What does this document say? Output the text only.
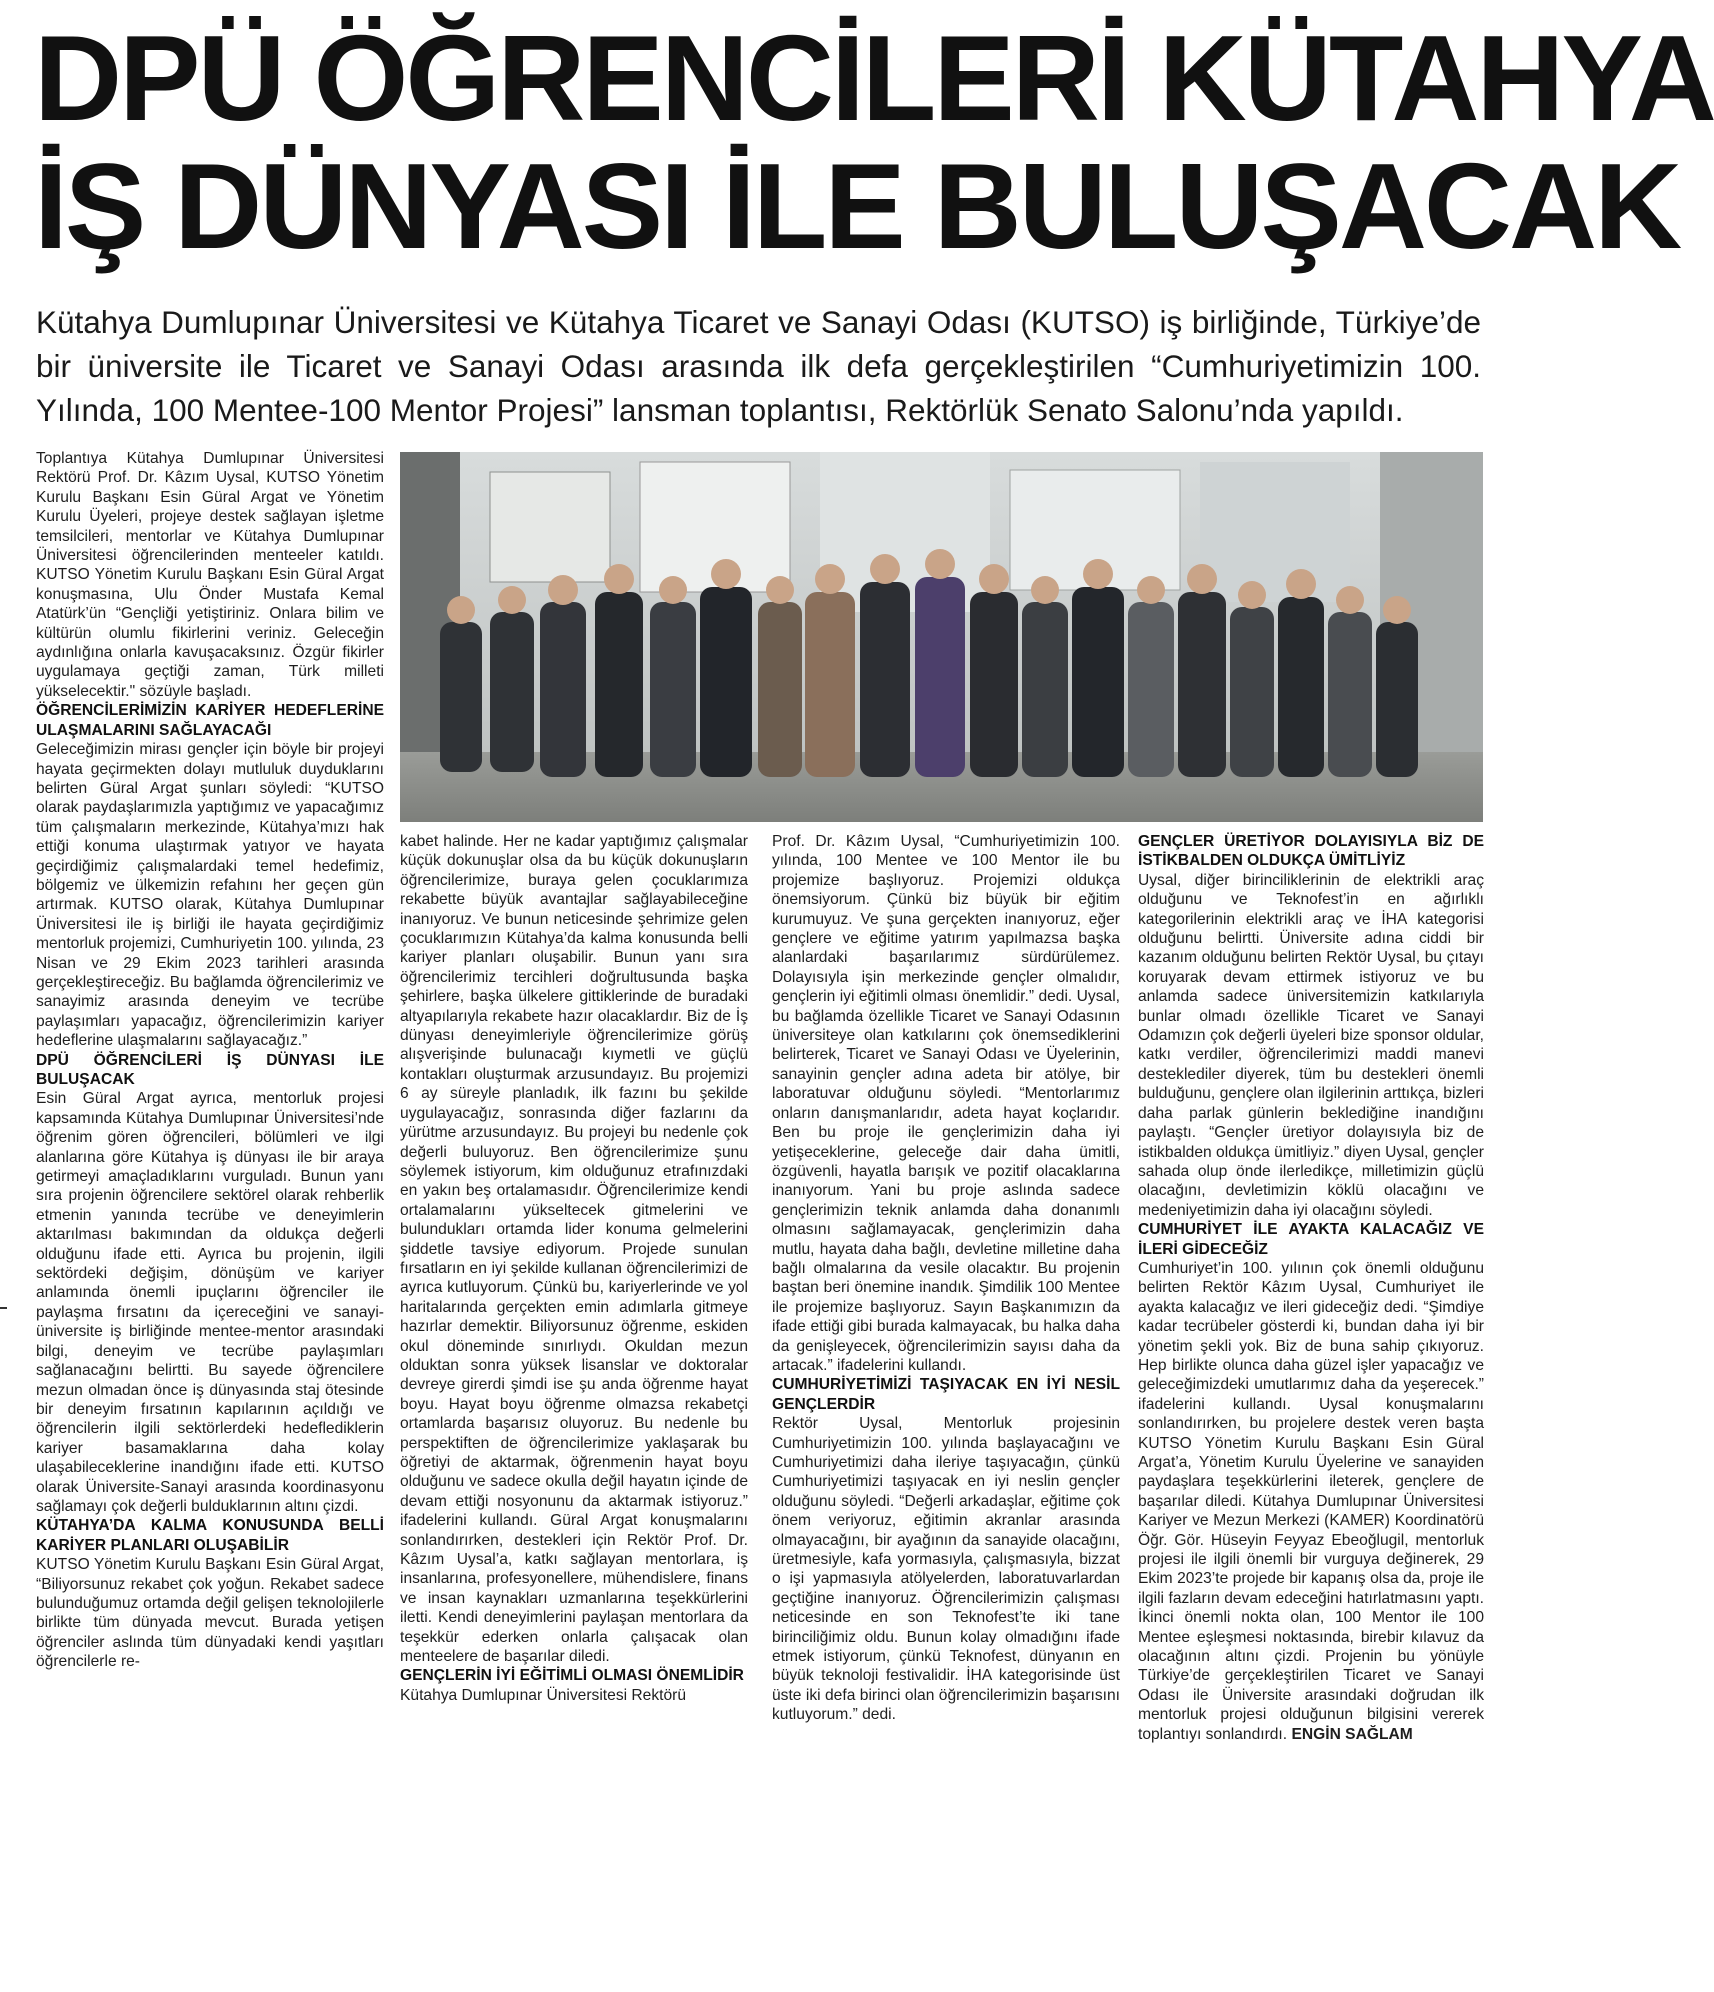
DPÜ ÖĞRENCİLERİ KÜTAHYA
İŞ DÜNYASI İLE BULUŞACAK

Kütahya Dumlupınar Üniversitesi ve Kütahya Ticaret ve Sanayi Odası (KUTSO) iş birliğinde, Türkiye’de bir üniversite ile Ticaret ve Sanayi Odası arasında ilk defa gerçekleştirilen “Cumhuriyetimizin 100. Yılında, 100 Mentee-100 Mentor Projesi” lansman toplantısı, Rektörlük Senato Salonu’nda yapıldı.

Toplantıya Kütahya Dumlupınar Üniversitesi Rektörü Prof. Dr. Kâzım Uysal, KUTSO Yönetim Kurulu Başkanı Esin Güral Argat ve Yönetim Kurulu Üyeleri, projeye destek sağlayan işletme temsilcileri, mentorlar ve Kütahya Dumlupınar Üniversitesi öğrencilerinden menteeler katıldı. KUTSO Yönetim Kurulu Başkanı Esin Güral Argat konuşmasına, Ulu Önder Mustafa Kemal Atatürk’ün “Gençliği yetiştiriniz. Onlara bilim ve kültürün olumlu fikirlerini veriniz. Geleceğin aydınlığına onlarla kavuşacaksınız. Özgür fikirler uygulamaya geçtiği zaman, Türk milleti yükselecektir." sözüyle başladı.

ÖĞRENCİLERİMİZİN KARİYER HEDEFLERİNE ULAŞMALARINI SAĞLAYACAĞI

Geleceğimizin mirası gençler için böyle bir projeyi hayata geçirmekten dolayı mutluluk duyduklarını belirten Güral Argat şunları söyledi: “KUTSO olarak paydaşlarımızla yaptığımız ve yapacağımız tüm çalışmaların merkezinde, Kütahya’mızı hak ettiği konuma ulaştırmak yatıyor ve hayata geçirdiğimiz çalışmalardaki temel hedefimiz, bölgemiz ve ülkemizin refahını her geçen gün artırmak. KUTSO olarak, Kütahya Dumlupınar Üniversitesi ile iş birliği ile hayata geçirdiğimiz mentorluk projemizi, Cumhuriyetin 100. yılında, 23 Nisan ve 29 Ekim 2023 tarihleri arasında gerçekleştireceğiz. Bu bağlamda öğrencilerimiz ve sanayimiz arasında deneyim ve tecrübe paylaşımları yapacağız, öğrencilerimizin kariyer hedeflerine ulaşmalarını sağlayacağız.”

DPÜ ÖĞRENCİLERİ İŞ DÜNYASI İLE BULUŞACAK

Esin Güral Argat ayrıca, mentorluk projesi kapsamında Kütahya Dumlupınar Üniversitesi’nde öğrenim gören öğrencileri, bölümleri ve ilgi alanlarına göre Kütahya iş dünyası ile bir araya getirmeyi amaçladıklarını vurguladı. Bunun yanı sıra projenin öğrencilere sektörel olarak rehberlik etmenin yanında tecrübe ve deneyimlerin aktarılması bakımından da oldukça değerli olduğunu ifade etti. Ayrıca bu projenin, ilgili sektördeki değişim, dönüşüm ve kariyer anlamında önemli ipuçlarını öğrenciler ile paylaşma fırsatını da içereceğini ve sanayi-üniversite iş birliğinde mentee-mentor arasındaki bilgi, deneyim ve tecrübe paylaşımları sağlanacağını belirtti. Bu sayede öğrencilere mezun olmadan önce iş dünyasında staj ötesinde bir deneyim fırsatının kapılarının açıldığı ve öğrencilerin ilgili sektörlerdeki hedeflediklerin kariyer basamaklarına daha kolay ulaşabileceklerine inandığını ifade etti. KUTSO olarak Üniversite-Sanayi arasında koordinasyonu sağlamayı çok değerli bulduklarının altını çizdi.

KÜTAHYA’DA KALMA KONUSUNDA BELLİ KARİYER PLANLARI OLUŞABİLİR

KUTSO Yönetim Kurulu Başkanı Esin Güral Argat, “Biliyorsunuz rekabet çok yoğun. Rekabet sadece bulunduğumuz ortamda değil gelişen teknolojilerle birlikte tüm dünyada mevcut. Burada yetişen öğrenciler aslında tüm dünyadaki kendi yaşıtları öğrencilerle re-

kabet halinde. Her ne kadar yaptığımız çalışmalar küçük dokunuşlar olsa da bu küçük dokunuşların öğrencilerimize, buraya gelen çocuklarımıza rekabette büyük avantajlar sağlayabileceğine inanıyoruz. Ve bunun neticesinde şehrimize gelen çocuklarımızın Kütahya’da kalma konusunda belli kariyer planları oluşabilir. Bunun yanı sıra öğrencilerimiz tercihleri doğrultusunda başka şehirlere, başka ülkelere gittiklerinde de buradaki altyapılarıyla rekabete hazır olacaklardır. Biz de İş dünyası deneyimleriyle öğrencilerimize görüş alışverişinde bulunacağı kıymetli ve güçlü kontakları oluşturmak arzusundayız. Bu projemizi 6 ay süreyle planladık, ilk fazını bu şekilde uygulayacağız, sonrasında diğer fazlarını da yürütme arzusundayız. Bu projeyi bu nedenle çok değerli buluyoruz. Ben öğrencilerimize şunu söylemek istiyorum, kim olduğunuz etrafınızdaki en yakın beş ortalamasıdır. Öğrencilerimize kendi ortalamalarını yükseltecek gitmelerini ve bulundukları ortamda lider konuma gelmelerini şiddetle tavsiye ediyorum. Projede sunulan fırsatların en iyi şekilde kullanan öğrencilerimizi de ayrıca kutluyorum. Çünkü bu, kariyerlerinde ve yol haritalarında gerçekten emin adımlarla gitmeye hazırlar demektir. Biliyorsunuz öğrenme, eskiden okul döneminde sınırlıydı. Okuldan mezun olduktan sonra yüksek lisanslar ve doktoralar devreye girerdi şimdi ise şu anda öğrenme hayat boyu. Hayat boyu öğrenme olmazsa rekabetçi ortamlarda başarısız oluyoruz. Bu nedenle bu perspektiften de öğrencilerimize yaklaşarak bu öğretiyi de aktarmak, öğrenmenin hayat boyu olduğunu ve sadece okulla değil hayatın içinde de devam ettiği nosyonunu da aktarmak istiyoruz.” ifadelerini kullandı. Güral Argat konuşmalarını sonlandırırken, destekleri için Rektör Prof. Dr. Kâzım Uysal’a, katkı sağlayan mentorlara, iş insanlarına, profesyonellere, mühendislere, finans ve insan kaynakları uzmanlarına teşekkürlerini iletti. Kendi deneyimlerini paylaşan mentorlara da teşekkür ederken onlarla çalışacak olan menteelere de başarılar diledi.

GENÇLERİN İYİ EĞİTİMLİ OLMASI ÖNEMLİDİR

Kütahya Dumlupınar Üniversitesi Rektörü

Prof. Dr. Kâzım Uysal, “Cumhuriyetimizin 100. yılında, 100 Mentee ve 100 Mentor ile bu projemize başlıyoruz. Projemizi oldukça önemsiyorum. Çünkü biz büyük bir eğitim kurumuyuz. Ve şuna gerçekten inanıyoruz, eğer gençlere ve eğitime yatırım yapılmazsa başka alanlardaki başarılarımız sürdürülemez. Dolayısıyla işin merkezinde gençler olmalıdır, gençlerin iyi eğitimli olması önemlidir.” dedi. Uysal, bu bağlamda özellikle Ticaret ve Sanayi Odasının üniversiteye olan katkılarını çok önemsediklerini belirterek, Ticaret ve Sanayi Odası ve Üyelerinin, sanayinin gençler adına adeta bir atölye, bir laboratuvar olduğunu söyledi. “Mentorlarımız onların danışmanlarıdır, adeta hayat koçlarıdır. Ben bu proje ile gençlerimizin daha iyi yetişeceklerine, geleceğe dair daha ümitli, özgüvenli, hayatla barışık ve pozitif olacaklarına inanıyorum. Yani bu proje aslında sadece gençlerimizin teknik anlamda daha donanımlı olmasını sağlamayacak, gençlerimizin daha mutlu, hayata daha bağlı, devletine milletine daha bağlı olmalarına da vesile olacaktır. Bu projenin baştan beri önemine inandık. Şimdilik 100 Mentee ile projemize başlıyoruz. Sayın Başkanımızın da ifade ettiği gibi burada kalmayacak, bu halka daha da genişleyecek, öğrencilerimizin sayısı daha da artacak.” ifadelerini kullandı.

CUMHURİYETİMİZİ TAŞIYACAK EN İYİ NESİL GENÇLERDİR

Rektör Uysal, Mentorluk projesinin Cumhuriyetimizin 100. yılında başlayacağını ve Cumhuriyetimizi daha ileriye taşıyacağın, çünkü Cumhuriyetimizi taşıyacak en iyi neslin gençler olduğunu söyledi. “Değerli arkadaşlar, eğitime çok önem veriyoruz, eğitimin akranlar arasında olmayacağını, bir ayağının da sanayide olacağını, üretmesiyle, kafa yormasıyla, çalışmasıyla, bizzat o işi yapmasıyla atölyelerden, laboratuvarlardan geçtiğine inanıyoruz. Öğrencilerimizin çalışması neticesinde en son Teknofest’te iki tane birinciliğimiz oldu. Bunun kolay olmadığını ifade etmek istiyorum, çünkü Teknofest, dünyanın en büyük teknoloji festivalidir. İHA kategorisinde üst üste iki defa birinci olan öğrencilerimizin başarısını kutluyorum.” dedi.

GENÇLER ÜRETİYOR DOLAYISIYLA BİZ DE İSTİKBALDEN OLDUKÇA ÜMİTLİYİZ

Uysal, diğer birinciliklerinin de elektrikli araç olduğunu ve Teknofest’in en ağırlıklı kategorilerinin elektrikli araç ve İHA kategorisi olduğunu belirtti. Üniversite adına ciddi bir kazanım olduğunu belirten Rektör Uysal, bu çıtayı koruyarak devam ettirmek istiyoruz ve bu anlamda sadece üniversitemizin katkılarıyla bunlar olmadı özellikle Ticaret ve Sanayi Odamızın çok değerli üyeleri bize sponsor oldular, katkı verdiler, öğrencilerimizi maddi manevi desteklediler diyerek, tüm bu destekleri önemli bulduğunu, gençlere olan ilgilerinin arttıkça, bizleri daha parlak günlerin beklediğine inandığını paylaştı. “Gençler üretiyor dolayısıyla biz de istikbalden oldukça ümitliyiz.” diyen Uysal, gençler sahada olup önde ilerledikçe, milletimizin güçlü olacağını, devletimizin köklü olacağını ve medeniyetimizin daha iyi olacağını söyledi.

CUMHURİYET İLE AYAKTA KALACAĞIZ VE İLERİ GİDECEĞİZ

Cumhuriyet’in 100. yılının çok önemli olduğunu belirten Rektör Kâzım Uysal, Cumhuriyet ile ayakta kalacağız ve ileri gideceğiz dedi. “Şimdiye kadar tecrübeler gösterdi ki, bundan daha iyi bir yönetim şekli yok. Biz de buna sahip çıkıyoruz. Hep birlikte olunca daha güzel işler yapacağız ve geleceğimizdeki umutlarımız daha da yeşerecek.” ifadelerini kullandı. Uysal konuşmalarını sonlandırırken, bu projelere destek veren başta KUTSO Yönetim Kurulu Başkanı Esin Güral Argat’a, Yönetim Kurulu Üyelerine ve sanayiden paydaşlara teşekkürlerini ileterek, gençlere de başarılar diledi. Kütahya Dumlupınar Üniversitesi Kariyer ve Mezun Merkezi (KAMER) Koordinatörü Öğr. Gör. Hüseyin Feyyaz Ebeoğlugil, mentorluk projesi ile ilgili önemli bir vurguya değinerek, 29 Ekim 2023’te projede bir kapanış olsa da, proje ile ilgili fazların devam edeceğini hatırlatmasını yaptı. İkinci önemli nokta olan, 100 Mentor ile 100 Mentee eşleşmesi noktasında, birebir kılavuz da olacağının altını çizdi. Projenin bu yönüyle Türkiye’de gerçekleştirilen Ticaret ve Sanayi Odası ile Üniversite arasındaki doğrudan ilk mentorluk projesi olduğunun bilgisini vererek toplantıyı sonlandırdı. ENGİN SAĞLAM
